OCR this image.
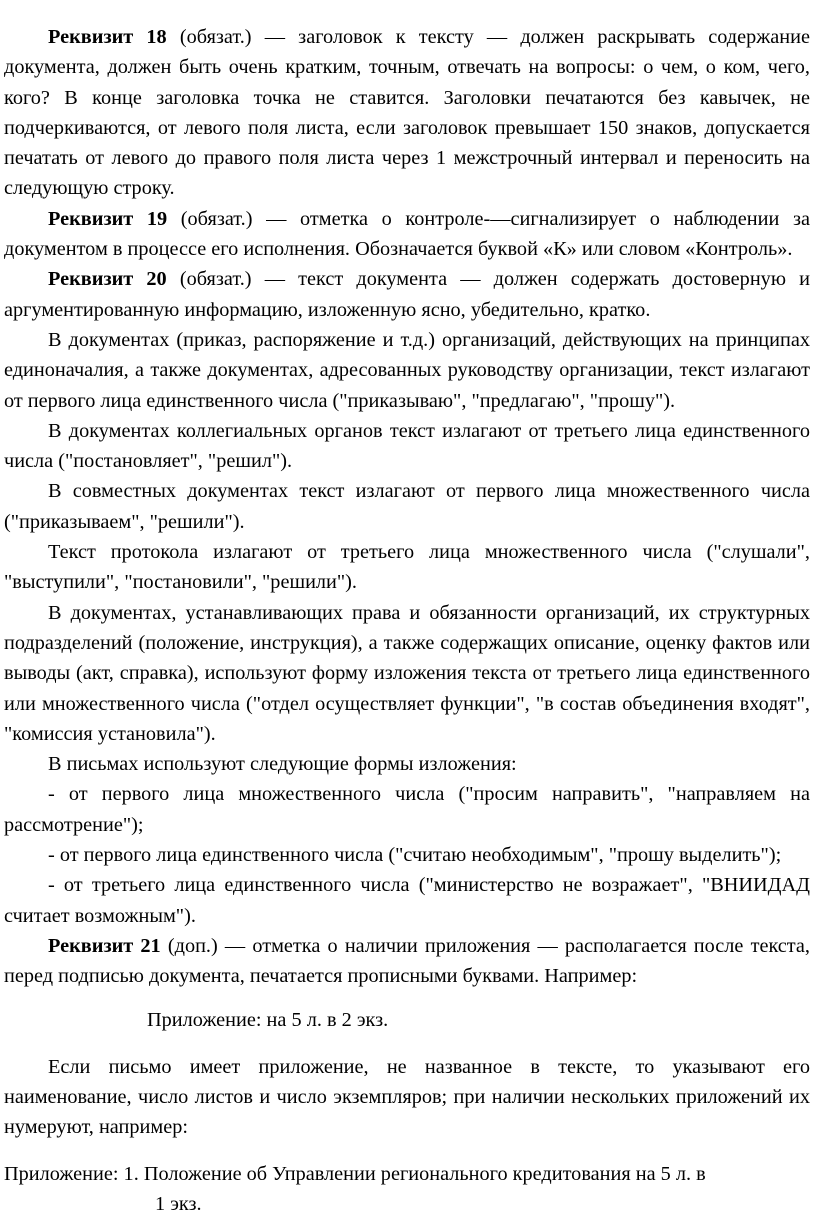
Реквизит 18 (обязат.) — заголовок к тексту — должен раскрывать содержание документа, должен быть очень кратким, точным, отвечать на вопросы: о чем, о ком, чего, кого? В конце заголовка точка не ставится. Заголовки печатаются без кавычек, не подчеркиваются, от левого поля листа, если заголовок превышает 150 знаков, допускается печатать от левого до правого поля листа через 1 межстрочный интервал и переносить на следующую строку.

Реквизит 19 (обязат.) — отметка о контроле-—сигнализирует о наблюдении за документом в процессе его исполнения. Обозначается буквой «К» или словом «Контроль».

Реквизит 20 (обязат.) — текст документа — должен содержать достоверную и аргументированную информацию, изложенную ясно, убедительно, кратко.

В документах (приказ, распоряжение и т.д.) организаций, действующих на принципах единоначалия, а также документах, адресованных руководству организации, текст излагают от первого лица единственного числа ("приказываю", "предлагаю", "прошу").

В документах коллегиальных органов текст излагают от третьего лица единственного числа ("постановляет", "решил").

В совместных документах текст излагают от первого лица множественного числа ("приказываем", "решили").

Текст протокола излагают от третьего лица множественного числа ("слушали", "выступили", "постановили", "решили").

В документах, устанавливающих права и обязанности организаций, их структурных подразделений (положение, инструкция), а также содержащих описание, оценку фактов или выводы (акт, справка), используют форму изложения текста от третьего лица единственного или множественного числа ("отдел осуществляет функции", "в состав объединения входят", "комиссия установила").

В письмах используют следующие формы изложения:

- от первого лица множественного числа ("просим направить", "направляем на рассмотрение");

- от первого лица единственного числа ("считаю необходимым", "прошу выделить");

- от третьего лица единственного числа ("министерство не возражает", "ВНИИДАД считает возможным").

Реквизит 21 (доп.) — отметка о наличии приложения — располагается после текста, перед подписью документа, печатается прописными буквами. Например:

Приложение: на 5 л. в 2 экз.

Если письмо имеет приложение, не названное в тексте, то указывают его наименование, число листов и число экземпляров; при наличии нескольких приложений их нумеруют, например:

Приложение: 1. Положение об Управлении регионального кредитования на 5 л. в
1 экз.
